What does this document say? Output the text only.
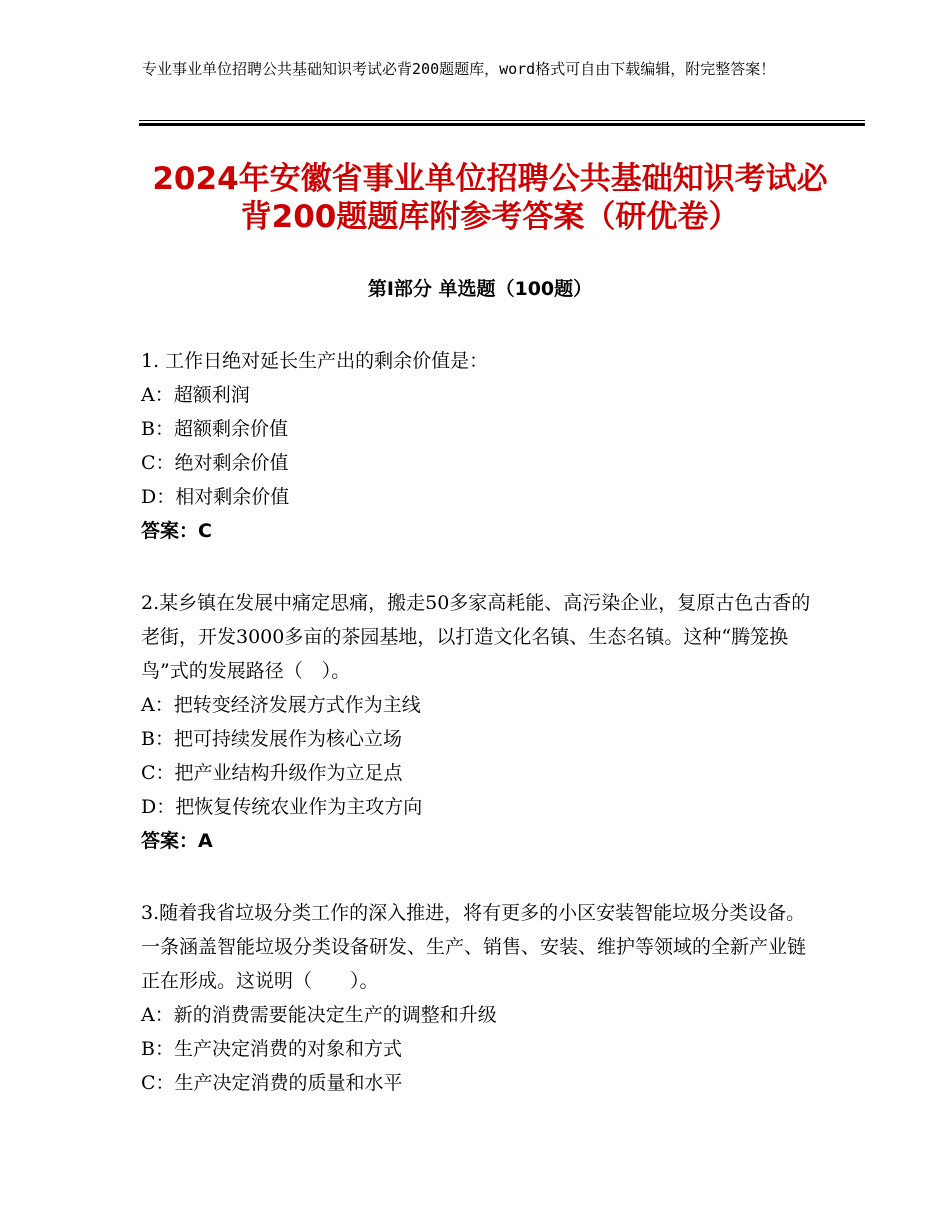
专业事业单位招聘公共基础知识考试必背200题题库，word格式可自由下载编辑，附完整答案！
2024年安徽省事业单位招聘公共基础知识考试必背200题题库附参考答案（研优卷）
第Ⅰ部分 单选题（100题）

1. 工作日绝对延长生产出的剩余价值是：

A：超额利润

B：超额剩余价值

C：绝对剩余价值

D：相对剩余价值

答案：C

2.某乡镇在发展中痛定思痛，搬走50多家高耗能、高污染企业，复原古色古香的老街，开发3000多亩的茶园基地，以打造文化名镇、生态名镇。这种“腾笼换鸟”式的发展路径（　）。

A：把转变经济发展方式作为主线

B：把可持续发展作为核心立场

C：把产业结构升级作为立足点

D：把恢复传统农业作为主攻方向

答案：A

3.随着我省垃圾分类工作的深入推进，将有更多的小区安装智能垃圾分类设备。一条涵盖智能垃圾分类设备研发、生产、销售、安装、维护等领域的全新产业链正在形成。这说明（　　）。

A：新的消费需要能决定生产的调整和升级

B：生产决定消费的对象和方式

C：生产决定消费的质量和水平
